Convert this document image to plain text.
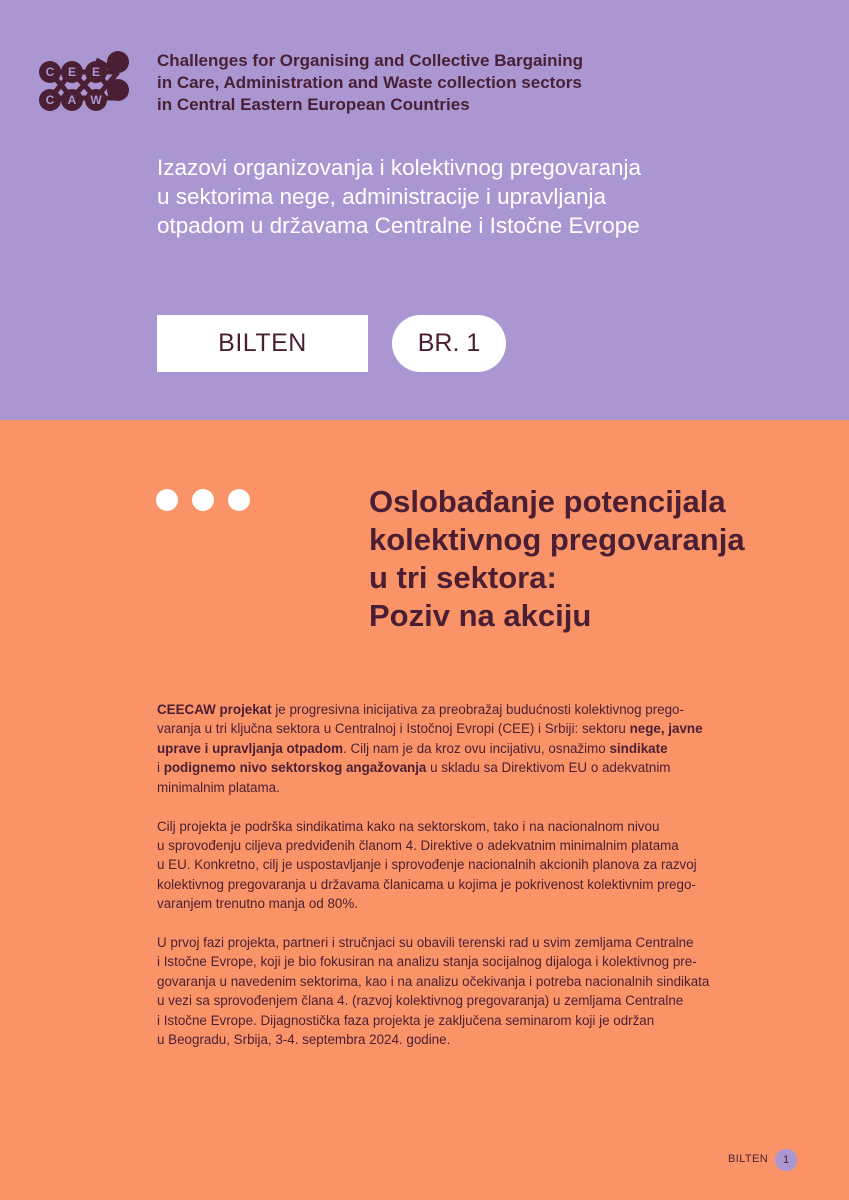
C E E
C A W
Challenges for Organising and Collective Bargaining
in Care, Administration and Waste collection sectors
in Central Eastern European Countries
Izazovi organizovanja i kolektivnog pregovaranja
u sektorima nege, administracije i upravljanja
otpadom u državama Centralne i Istočne Evrope
BILTEN	BR. 1
Oslobađanje potencijala
kolektivnog pregovaranja
u tri sektora:
Poziv na akciju

CEECAW projekat je progresivna inicijativa za preobražaj budućnosti kolektivnog prego-
varanja u tri ključna sektora u Centralnoj i Istočnoj Evropi (CEE) i Srbiji: sektoru nege, javne
uprave i upravljanja otpadom. Cilj nam je da kroz ovu incijativu, osnažimo sindikate
i podignemo nivo sektorskog angažovanja u skladu sa Direktivom EU o adekvatnim
minimalnim platama.

Cilj projekta je podrška sindikatima kako na sektorskom, tako i na nacionalnom nivou
u sprovođenju ciljeva predviđenih članom 4. Direktive o adekvatnim minimalnim platama
u EU. Konkretno, cilj je uspostavljanje i sprovođenje nacionalnih akcionih planova za razvoj
kolektivnog pregovaranja u državama članicama u kojima je pokrivenost kolektivnim prego-
varanjem trenutno manja od 80%.

U prvoj fazi projekta, partneri i stručnjaci su obavili terenski rad u svim zemljama Centralne
i Istočne Evrope, koji je bio fokusiran na analizu stanja socijalnog dijaloga i kolektivnog pre-
govaranja u navedenim sektorima, kao i na analizu očekivanja i potreba nacionalnih sindikata
u vezi sa sprovođenjem člana 4. (razvoj kolektivnog pregovaranja) u zemljama Centralne
i Istočne Evrope. Dijagnostička faza projekta je zaključena seminarom koji je održan
u Beogradu, Srbija, 3-4. septembra 2024. godine.

BILTEN	1
